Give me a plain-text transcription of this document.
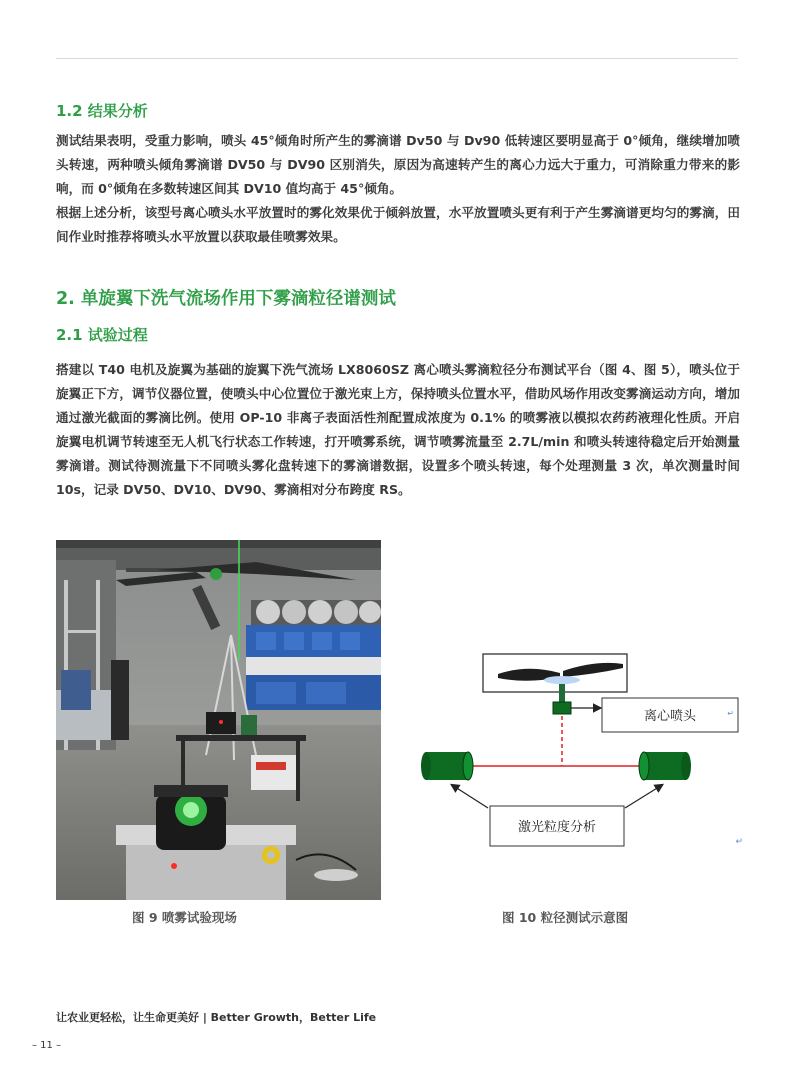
1.2 结果分析

测试结果表明，受重力影响，喷头 45°倾角时所产生的雾滴谱 Dv50 与 Dv90 低转速区要明显高于 0°倾角，继续增加喷头转速，两种喷头倾角雾滴谱 DV50 与 DV90 区别消失，原因为高速转产生的离心力远大于重力，可消除重力带来的影响，而 0°倾角在多数转速区间其 DV10 值均高于 45°倾角。

根据上述分析，该型号离心喷头水平放置时的雾化效果优于倾斜放置，水平放置喷头更有利于产生雾滴谱更均匀的雾滴，田间作业时推荐将喷头水平放置以获取最佳喷雾效果。

2. 单旋翼下洗气流场作用下雾滴粒径谱测试
2.1 试验过程

搭建以 T40 电机及旋翼为基础的旋翼下洗气流场 LX8060SZ 离心喷头雾滴粒径分布测试平台（图 4、图 5），喷头位于旋翼正下方，调节仪器位置，使喷头中心位置位于激光束上方，保持喷头位置水平，借助风场作用改变雾滴运动方向，增加通过激光截面的雾滴比例。使用 OP-10 非离子表面活性剂配置成浓度为 0.1% 的喷雾液以模拟农药药液理化性质。开启旋翼电机调节转速至无人机飞行状态工作转速，打开喷雾系统，调节喷雾流量至 2.7L/min 和喷头转速待稳定后开始测量雾滴谱。测试待测流量下不同喷头雾化盘转速下的雾滴谱数据，设置多个喷头转速，每个处理测量 3 次，单次测量时间 10s，记录 DV50、DV10、DV90、雾滴相对分布跨度 RS。

图 9 喷雾试验现场
离心喷头	↵
激光粒度分析
↵
图 10 粒径测试示意图
让农业更轻松，让生命更美好 | Better Growth，Better Life
– 11 –
